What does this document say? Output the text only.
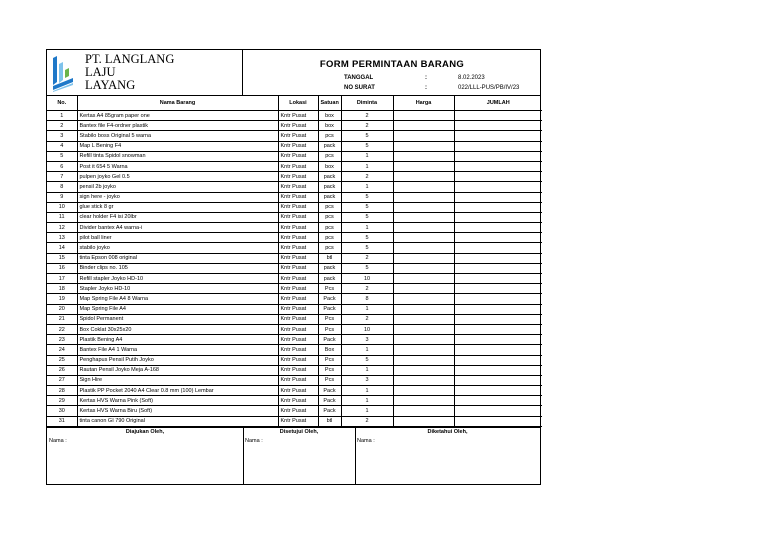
PT. LANGLANG
LAJU
LAYANG
FORM PERMINTAAN BARANG
TANGGAL	:	8.02.2023
NO SURAT	:	022/LLL-PUS/PB/IV/23
No.	Nama Barang	Lokasi	Satuan	Diminta	Harga	JUMLAH
1	Kertas A4 85gram paper one	Kntr Pusat	box	2		
2	Bantex file F4-ordner plastik	Kntr Pusat	box	2		
3	Stabilo boss Original 5 warna	Kntr Pusat	pcs	5		
4	Map L Bening F4	Kntr Pusat	pack	5		
5	Refill tinta Spidol snowman	Kntr Pusat	pcs	1		
6	Post it 654 5 Warna	Kntr Pusat	box	1		
7	pulpen joyko Gel 0.5	Kntr Pusat	pack	2		
8	pensil 2b joyko	Kntr Pusat	pack	1		
9	sign here - joyko	Kntr Pusat	pack	5		
10	glue stick 8 gr	Kntr Pusat	pcs	5		
11	clear holder F4 isi 20lbr	Kntr Pusat	pcs	5		
12	Divider bantex A4 warna-i	Kntr Pusat	pcs	1		
13	pilot ball liner	Kntr Pusat	pcs	5		
14	stabilo joyko	Kntr Pusat	pcs	5		
15	tinta Epson 008 original	Kntr Pusat	btl	2		
16	Binder clips no. 105	Kntr Pusat	pack	5		
17	Refill stapler Joyko HD-10	Kntr Pusat	pack	10		
18	Stapler Joyko HD-10	Kntr Pusat	Pcs	2		
19	Map Spring File A4 8 Warna	Kntr Pusat	Pack	8		
20	Map Spring File A4	Kntr Pusat	Pack	1		
21	Spidol Permanent	Kntr Pusat	Pcs	2		
22	Box Coklat 30x25x20	Kntr Pusat	Pcs	10		
23	Plastik Bening A4	Kntr Pusat	Pack	3		
24	Bantex File A4 1 Warna	Kntr Pusat	Box	1		
25	Penghapus Pensil Putih Joyko	Kntr Pusat	Pcs	5		
26	Rautan Pensil Joyko Meja A-168	Kntr Pusat	Pcs	1		
27	Sign Hire	Kntr Pusat	Pcs	3		
28	Plastik PP Pocket 2040 A4 Clear 0.8 mm (100) Lembar	Kntr Pusat	Pack	1		
29	Kertas HVS Warna Pink (Soft)	Kntr Pusat	Pack	1		
30	Kertas HVS Warna Biru (Soft)	Kntr Pusat	Pack	1		
31	tinta canon GI 790 Original	Kntr Pusat	btl	2		
Diajukan Oleh,
Nama :
Disetujui Oleh,
Nama :
Diketahui Oleh,
Nama :
